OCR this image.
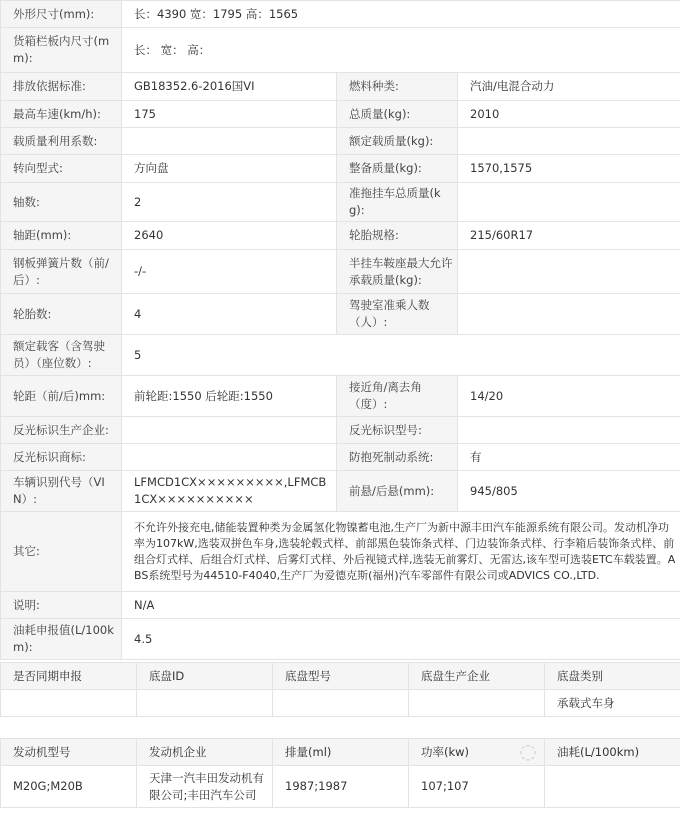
外形尺寸(mm):	长：4390 宽：1795 高：1565		
货箱栏板内尺寸(mm):	长： 宽： 高：		
排放依据标准:	GB18352.6-2016国VI	燃料种类:	汽油/电混合动力
最高车速(km/h):	175	总质量(kg):	2010
载质量利用系数:		额定载质量(kg):	
转向型式:	方向盘	整备质量(kg):	1570,1575
轴数:	2	准拖挂车总质量(kg):	
轴距(mm):	2640	轮胎规格:	215/60R17
钢板弹簧片数（前/后）:	-/-	半挂车鞍座最大允许承载质量(kg):	
轮胎数:	4	驾驶室准乘人数（人）:	
额定载客（含驾驶员）（座位数）:	5		
轮距（前/后)mm:	前轮距:1550 后轮距:1550	接近角/离去角（度）:	14/20
反光标识生产企业:		反光标识型号:	
反光标识商标:		防抱死制动系统:	有
车辆识别代号（VIN）:	LFMCD1CX×××××××××,LFMCB1CX××××××××××	前悬/后悬(mm):	945/805
其它:	不允许外接充电,储能装置种类为金属氢化物镍蓄电池,生产厂为新中源丰田汽车能源系统有限公司。发动机净功率为107kW,选装双拼色车身,选装轮毂式样、前部黑色装饰条式样、门边装饰条式样、行李箱后装饰条式样、前组合灯式样、后组合灯式样、后雾灯式样、外后视镜式样,选装无前雾灯、无雷达,该车型可选装ETC车载装置。ABS系统型号为44510-F4040,生产厂为爱德克斯(福州)汽车零部件有限公司或ADVICS CO.,LTD.		
说明:	N/A		
油耗申报值(L/100km):	4.5		
是否同期申报	底盘ID	底盘型号	底盘生产企业	底盘类别
				承载式车身
发动机型号	发动机企业	排量(ml)	功率(kw)	油耗(L/100km)
M20G;M20B	天津一汽丰田发动机有限公司;丰田汽车公司	1987;1987	107;107	
◌
